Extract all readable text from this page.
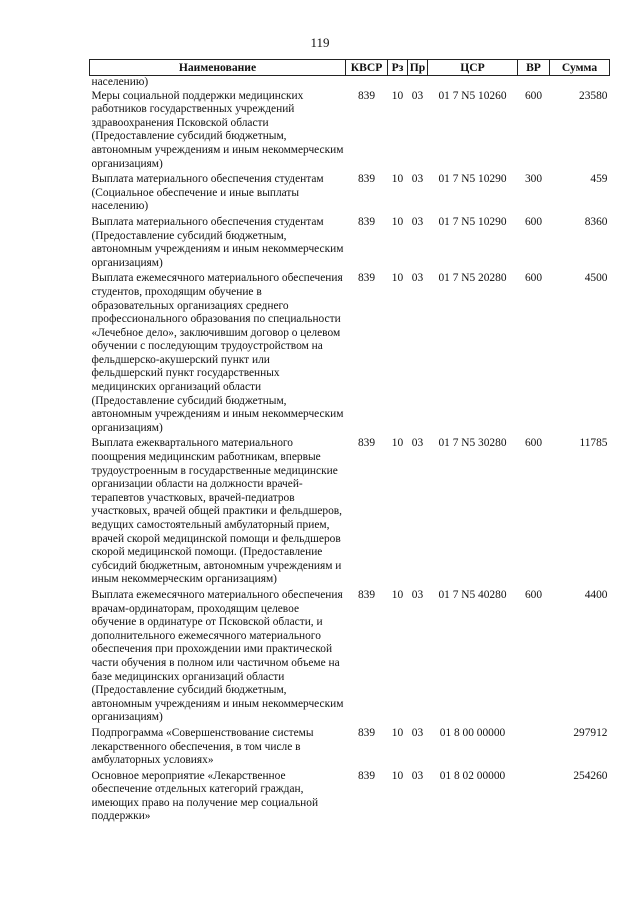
119
Наименование	КВСР	Рз	Пр	ЦСР	ВР	Сумма
населению)						
Меры социальной поддержки медицинских работников государственных учреждений здравоохранения Псковской области (Предоставление субсидий бюджетным, автономным учреждениям и иным некоммерческим организациям)	839	10	03	01 7 N5 10260	600	23580

Выплата материального обеспечения студентам (Социальное обеспечение и иные выплаты населению)	839	10	03	01 7 N5 10290	300	459

Выплата материального обеспечения студентам (Предоставление субсидий бюджетным, автономным учреждениям и иным некоммерческим организациям)	839	10	03	01 7 N5 10290	600	8360

Выплата ежемесячного материального обеспечения студентов, проходящим обучение в образовательных организациях среднего профессионального образования по специальности «Лечебное дело», заключившим договор о целевом обучении с последующим трудоустройством на фельдшерско-акушерский пункт или фельдшерский пункт государственных медицинских организаций области (Предоставление субсидий бюджетным, автономным учреждениям и иным некоммерческим организациям)	839	10	03	01 7 N5 20280	600	4500

Выплата ежеквартального материального поощрения медицинским работникам, впервые трудоустроенным в государственные медицинские организации области на должности врачей-терапевтов участковых, врачей-педиатров участковых, врачей общей практики и фельдшеров, ведущих самостоятельный амбулаторный прием, врачей скорой медицинской помощи и фельдшеров скорой медицинской помощи. (Предоставление субсидий бюджетным, автономным учреждениям и иным некоммерческим организациям)	839	10	03	01 7 N5 30280	600	11785

Выплата ежемесячного материального обеспечения врачам-ординаторам, проходящим целевое обучение в ординатуре от Псковской области, и дополнительного ежемесячного материального обеспечения при прохождении ими практической части обучения в полном или частичном объеме на базе медицинских организаций области (Предоставление субсидий бюджетным, автономным учреждениям и иным некоммерческим организациям)	839	10	03	01 7 N5 40280	600	4400

Подпрограмма «Совершенствование системы лекарственного обеспечения, в том числе в амбулаторных условиях»	839	10	03	01 8 00 00000		297912

Основное мероприятие «Лекарственное обеспечение отдельных категорий граждан, имеющих право на получение мер социальной поддержки»	839	10	03	01 8 02 00000		254260
